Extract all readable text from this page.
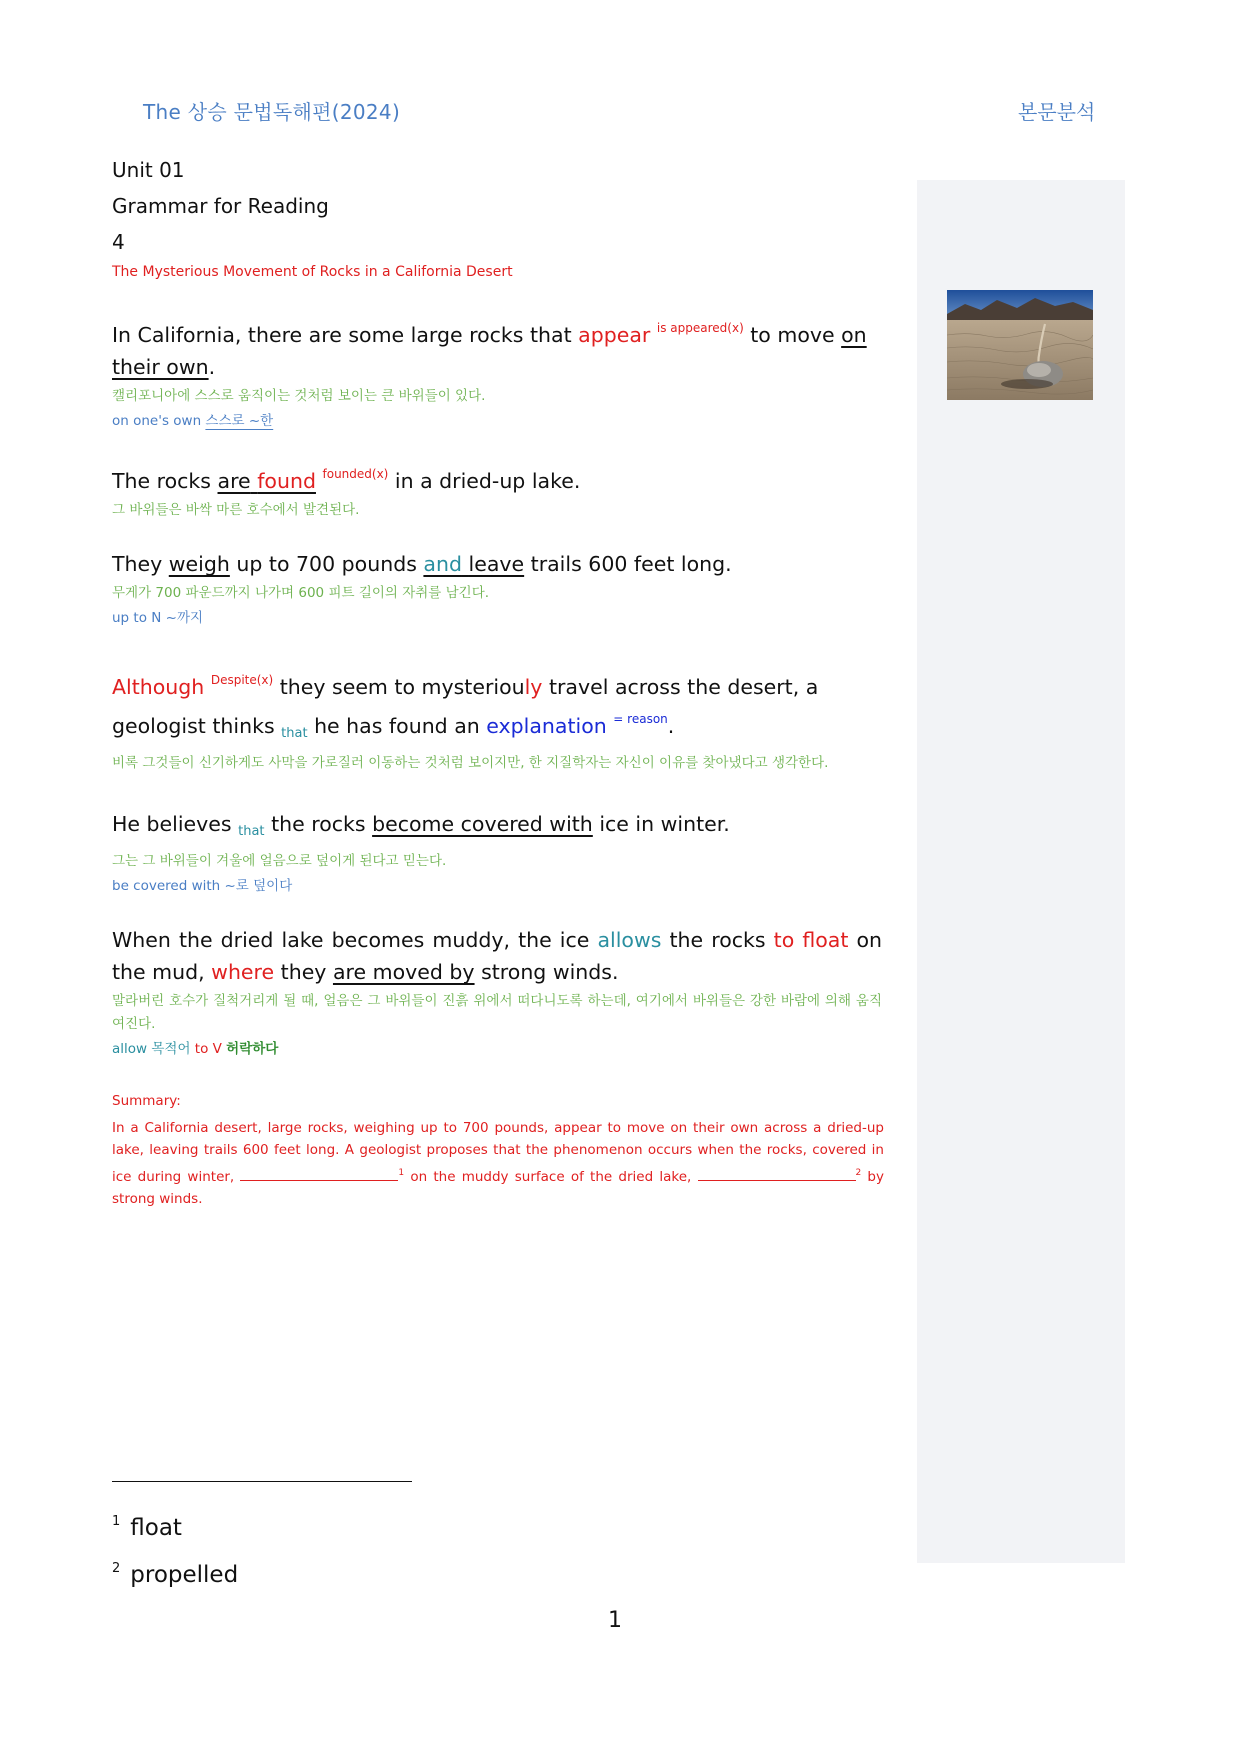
The 상승 문법독해편(2024)	본문분석
Unit 01
Grammar for Reading
4
The Mysterious Movement of Rocks in a California Desert
In California, there are some large rocks that appear $^{is appeared(x)}$ to move on their own.
캘리포니아에 스스로 움직이는 것처럼 보이는 큰 바위들이 있다.
on one's own 스스로 ~한
The rocks are found $^{founded(x)}$ in a dried-up lake.
그 바위들은 바싹 마른 호수에서 발견된다.
They weigh up to 700 pounds and leave trails 600 feet long.
무게가 700 파운드까지 나가며 600 피트 길이의 자취를 남긴다.
up to N ~까지
Although $^{Despite(x)}$ they seem to mysteriouly travel across the desert, a geologist thinks $_{that}$ he has found an explanation $^{= reason}$.
비록 그것들이 신기하게도 사막을 가로질러 이동하는 것처럼 보이지만, 한 지질학자는 자신이 이유를 찾아냈다고 생각한다.
He believes $_{that}$ the rocks become covered with ice in winter.
그는 그 바위들이 겨울에 얼음으로 덮이게 된다고 믿는다.
be covered with ~로 덮이다
When the dried lake becomes muddy, the ice allows the rocks to float on the mud, where they are moved by strong winds.
말라버린 호수가 질척거리게 될 때, 얼음은 그 바위들이 진흙 위에서 떠다니도록 하는데, 여기에서 바위들은 강한 바람에 의해 움직여진다.
allow 목적어 to V 허락하다
Summary:
In a California desert, large rocks, weighing up to 700 pounds, appear to move on their own across a dried-up lake, leaving trails 600 feet long. A geologist proposes that the phenomenon occurs when the rocks, covered in ice during winter,	$^1$ on the muddy surface of the dried lake,	$^2$ by strong winds.
$^1$ float
$^2$ propelled
1
